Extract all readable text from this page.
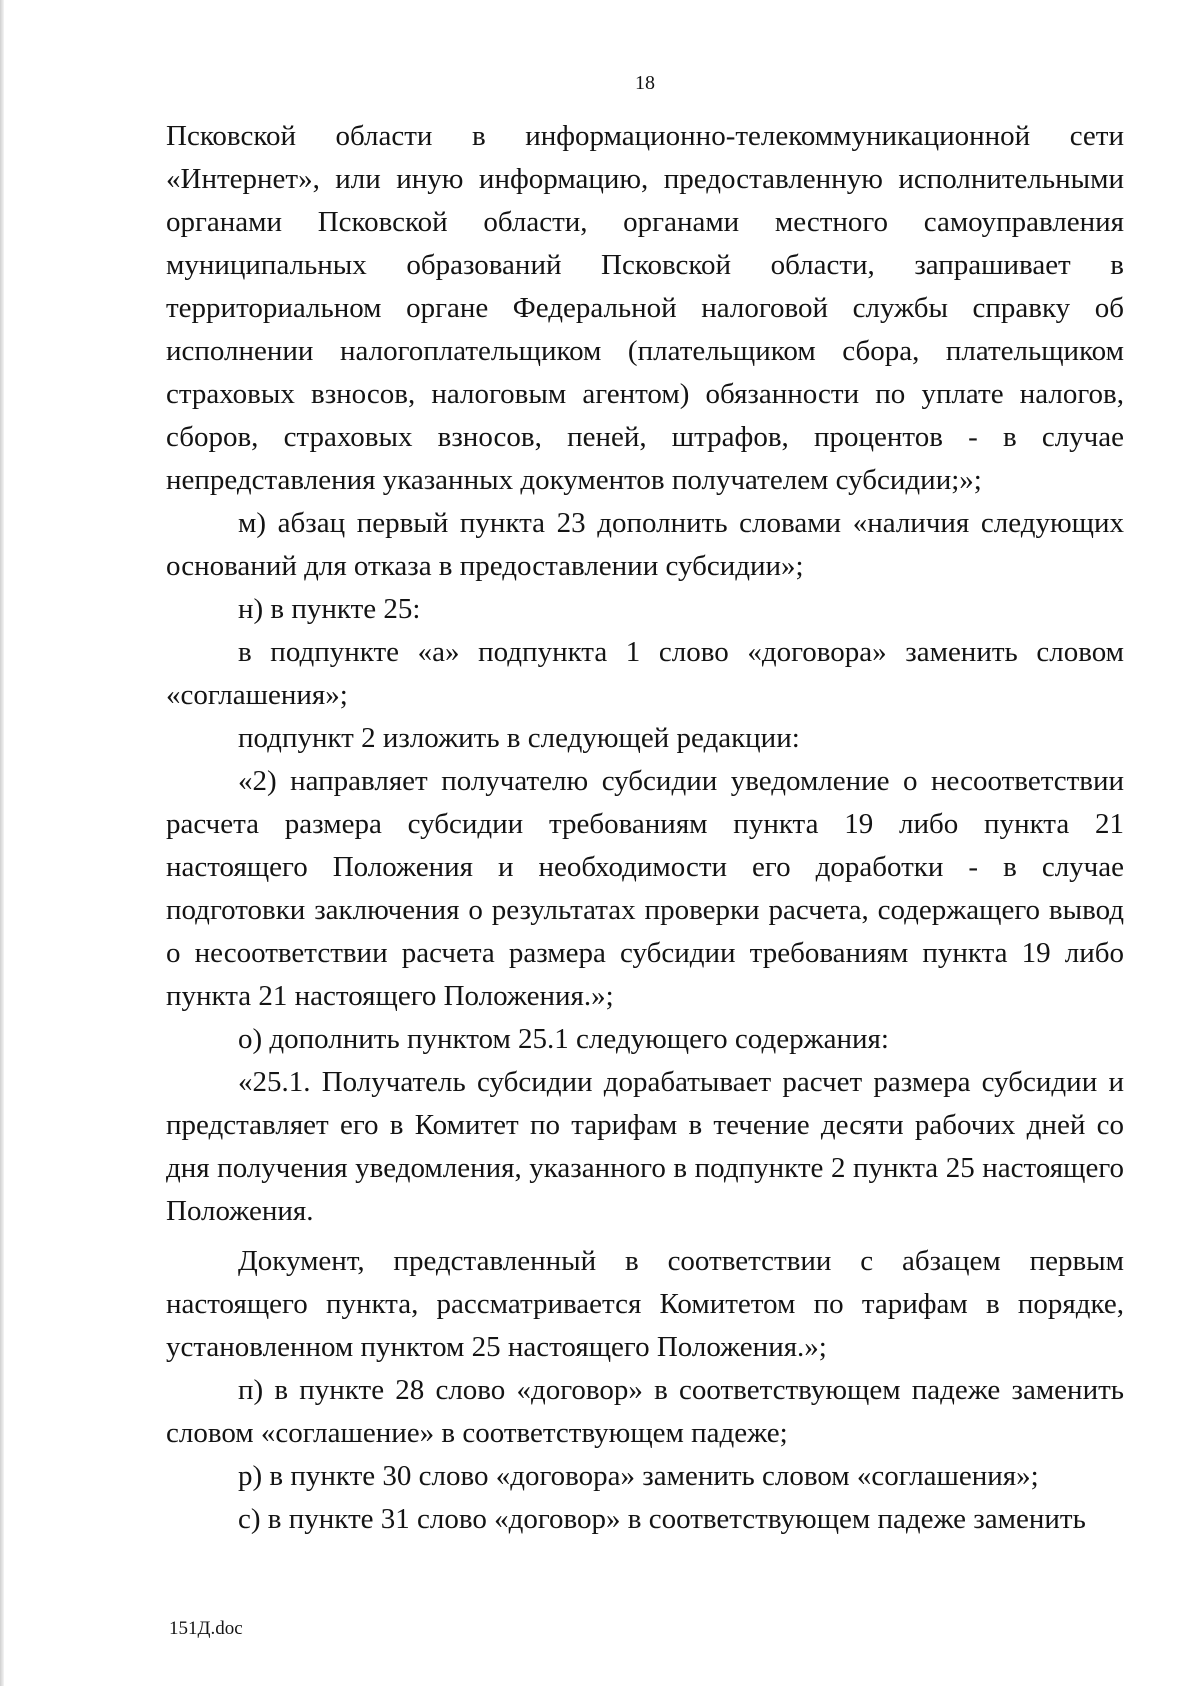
18

Псковской области в информационно-телекоммуникационной сети «Интернет», или иную информацию, предоставленную исполнительными органами Псковской области, органами местного самоуправления муниципальных образований Псковской области, запрашивает в территориальном органе Федеральной налоговой службы справку об исполнении налогоплательщиком (плательщиком сбора, плательщиком страховых взносов, налоговым агентом) обязанности по уплате налогов, сборов, страховых взносов, пеней, штрафов, процентов - в случае непредставления указанных документов получателем субсидии;»;

м) абзац первый пункта 23 дополнить словами «наличия следующих оснований для отказа в предоставлении субсидии»;

н) в пункте 25:

в подпункте «а» подпункта 1 слово «договора» заменить словом «соглашения»;

подпункт 2 изложить в следующей редакции:

«2) направляет получателю субсидии уведомление о несоответствии расчета размера субсидии требованиям пункта 19 либо пункта 21 настоящего Положения и необходимости его доработки - в случае подготовки заключения о результатах проверки расчета, содержащего вывод о несоответствии расчета размера субсидии требованиям пункта 19 либо пункта 21 настоящего Положения.»;

о) дополнить пунктом 25.1 следующего содержания:

«25.1. Получатель субсидии дорабатывает расчет размера субсидии и представляет его в Комитет по тарифам в течение десяти рабочих дней со дня получения уведомления, указанного в подпункте 2 пункта 25 настоящего Положения.

Документ, представленный в соответствии с абзацем первым настоящего пункта, рассматривается Комитетом по тарифам в порядке, установленном пунктом 25 настоящего Положения.»;

п) в пункте 28 слово «договор» в соответствующем падеже заменить словом «соглашение» в соответствующем падеже;

р) в пункте 30 слово «договора» заменить словом «соглашения»;

с) в пункте 31 слово «договор» в соответствующем падеже заменить

151Д.doc
